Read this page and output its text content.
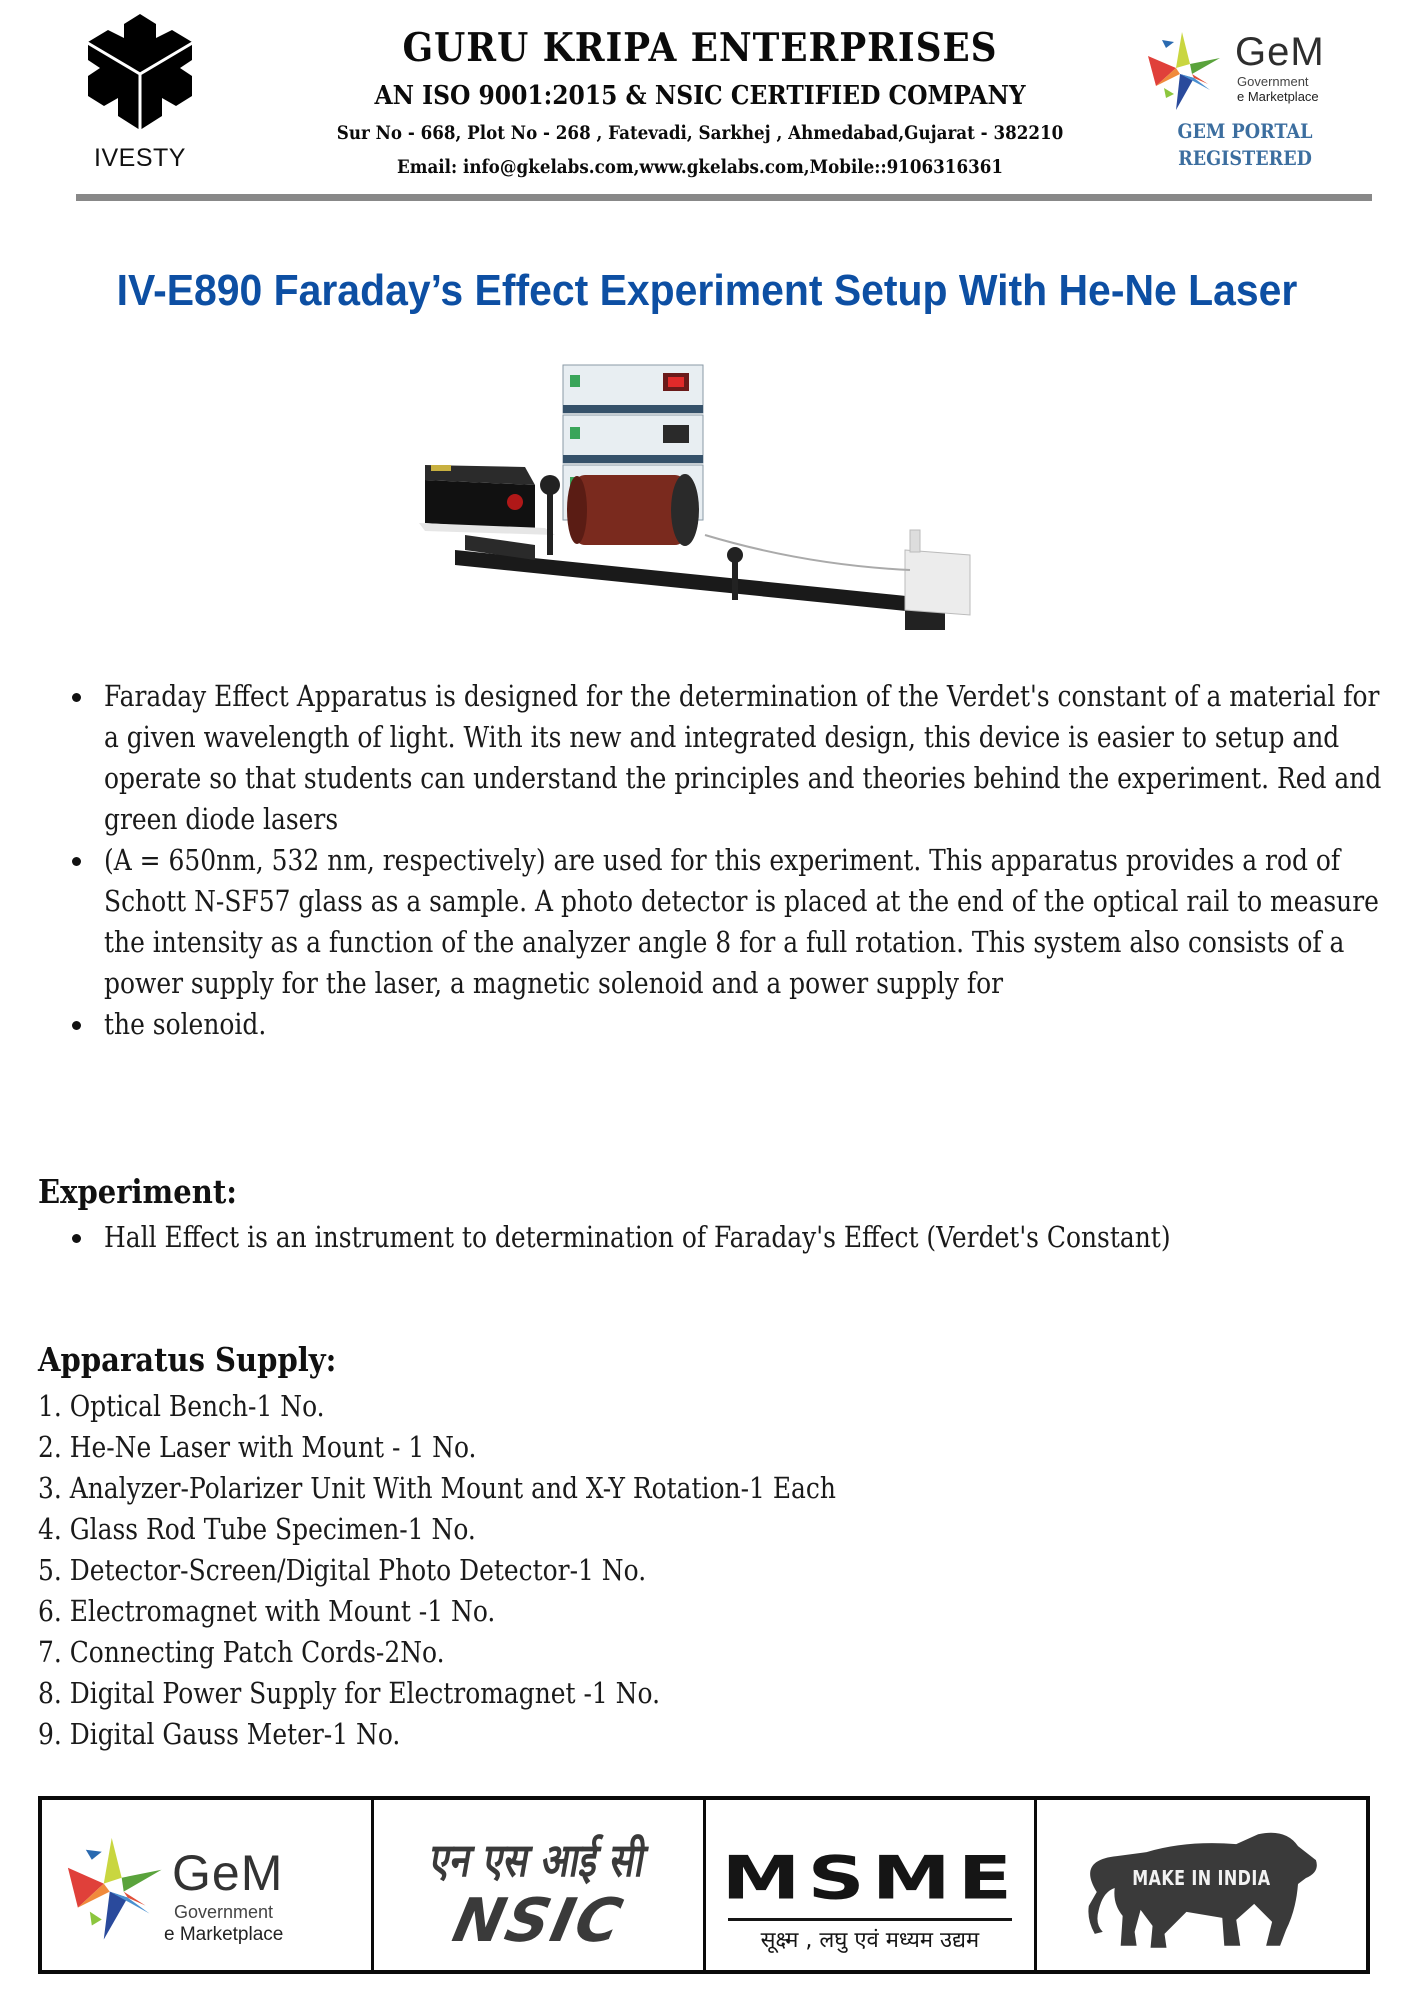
IVESTY
GURU KRIPA ENTERPRISES
AN ISO 9001:2015 & NSIC CERTIFIED COMPANY
Sur No - 668, Plot No - 268 , Fatevadi, Sarkhej , Ahmedabad,Gujarat - 382210
Email: info@gkelabs.com,www.gkelabs.com,Mobile::9106316361
GeM
Government
e Marketplace
GEM PORTAL
REGISTERED
IV-E890 Faraday’s Effect Experiment Setup With He-Ne Laser
Faraday Effect Apparatus is designed for the determination of the Verdet's constant of a material for a given wavelength of light. With its new and integrated design, this device is easier to setup and operate so that students can understand the principles and theories behind the experiment. Red and green diode lasers
(A = 650nm, 532 nm, respectively) are used for this experiment. This apparatus provides a rod of Schott N-SF57 glass as a sample. A photo detector is placed at the end of the optical rail to measure the intensity as a function of the analyzer angle 8 for a full rotation. This system also consists of a power supply for the laser, a magnetic solenoid and a power supply for
the solenoid.
Experiment:
Hall Effect is an instrument to determination of Faraday's Effect (Verdet's Constant)
Apparatus Supply:
1. Optical Bench-1 No.
2. He-Ne Laser with Mount - 1 No.
3. Analyzer-Polarizer Unit With Mount and X-Y Rotation-1 Each
4. Glass Rod Tube Specimen-1 No.
5. Detector-Screen/Digital Photo Detector-1 No.
6. Electromagnet with Mount -1 No.
7. Connecting Patch Cords-2No.
8. Digital Power Supply for Electromagnet -1 No.
9. Digital Gauss Meter-1 No.
GeM
Government
e Marketplace
एन एस आई सी
NSIC
MSME
सूक्ष्म , लघु एवं मध्यम उद्यम
MAKE IN INDIA
